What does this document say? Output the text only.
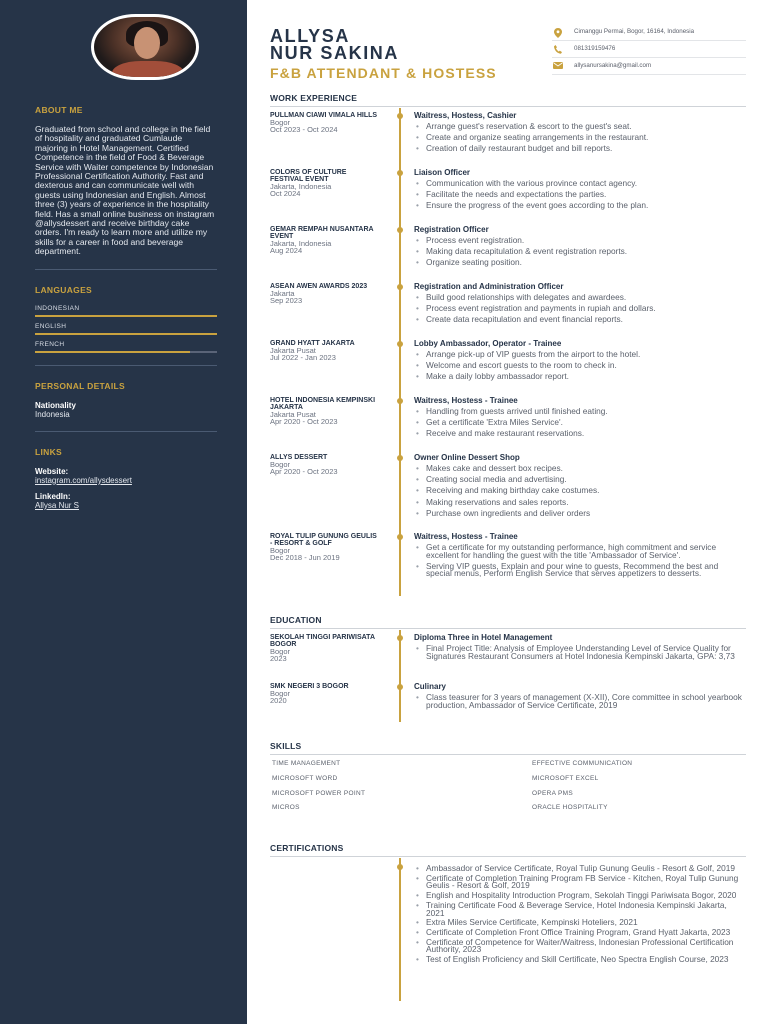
ABOUT ME
Graduated from school and college in the field of hospitality and graduated Cumlaude majoring in Hotel Management. Certified Competence in the field of Food & Beverage Service with Waiter competence by Indonesian Professional Certification Authority. Fast and dexterous and can communicate well with guests using Indonesian and English. Almost three (3) years of experience in the hospitality field. Has a small online business on instagram @allysdessert and receive birthday cake orders. I'm ready to learn more and utilize my skills for a career in food and beverage department.
LANGUAGES
INDONESIAN
ENGLISH
FRENCH
PERSONAL DETAILS
Nationality
Indonesia
LINKS
Website:
instagram.com/allysdessert
LinkedIn:
Allysa Nur S
ALLYSA
NUR SAKINA
F&B ATTENDANT & HOSTESS
Cimanggu Permai, Bogor, 16164, Indonesia
081319159476
allysanursakina@gmail.com
WORK EXPERIENCE
PULLMAN CIAWI VIMALA HILLS
Bogor
Oct 2023 - Oct 2024
Waitress, Hostess, Cashier
• Arrange guest's reservation & escort to the guest's seat.
• Create and organize seating arrangements in the restaurant.
• Creation of daily restaurant budget and bill reports.
COLORS OF CULTURE FESTIVAL EVENT
Jakarta, Indonesia
Oct 2024
Liaison Officer
• Communication with the various province contact agency.
• Facilitate the needs and expectations the parties.
• Ensure the progress of the event goes according to the plan.
GEMAR REMPAH NUSANTARA EVENT
Jakarta, Indonesia
Aug 2024
Registration Officer
• Process event registration.
• Making data recapitulation & event registration reports.
• Organize seating position.
ASEAN AWEN AWARDS 2023
Jakarta
Sep 2023
Registration and Administration Officer
• Build good relationships with delegates and awardees.
• Process event registration and payments in rupiah and dollars.
• Create data recapitulation and event financial reports.
GRAND HYATT JAKARTA
Jakarta Pusat
Jul 2022 - Jan 2023
Lobby Ambassador, Operator - Trainee
• Arrange pick-up of VIP guests from the airport to the hotel.
• Welcome and escort guests to the room to check in.
• Make a daily lobby ambassador report.
HOTEL INDONESIA KEMPINSKI JAKARTA
Jakarta Pusat
Apr 2020 - Oct 2023
Waitress, Hostess - Trainee
• Handling from guests arrived until finished eating.
• Get a certificate 'Extra Miles Service'.
• Receive and make restaurant reservations.
ALLYS DESSERT
Bogor
Apr 2020 - Oct 2023
Owner Online Dessert Shop
• Makes cake and dessert box recipes.
• Creating social media and advertising.
• Receiving and making birthday cake costumes.
• Making reservations and sales reports.
• Purchase own ingredients and deliver orders
ROYAL TULIP GUNUNG GEULIS - RESORT & GOLF
Bogor
Dec 2018 - Jun 2019
Waitress, Hostess - Trainee
• Get a certificate for my outstanding performance, high commitment and service excellent for handling the guest with the title 'Ambassador of Service'.
• Serving VIP guests, Explain and pour wine to guests, Recommend the best and special menus, Perform English Service that serves appetizers to desserts.
EDUCATION
SEKOLAH TINGGI PARIWISATA BOGOR
Bogor
2023
Diploma Three in Hotel Management
• Final Project Title: Analysis of Employee Understanding Level of Service Quality for Signatures Restaurant Consumers at Hotel Indonesia Kempinski Jakarta, GPA: 3,73
SMK NEGERI 3 BOGOR
Bogor
2020
Culinary
• Class teasurer for 3 years of management (X-XII), Core committee in school yearbook production, Ambassador of Service Certificate, 2019
SKILLS
TIME MANAGEMENT	EFFECTIVE COMMUNICATION
MICROSOFT WORD	MICROSOFT EXCEL
MICROSOFT POWER POINT	OPERA PMS
MICROS	ORACLE HOSPITALITY
CERTIFICATIONS
• Ambassador of Service Certificate, Royal Tulip Gunung Geulis - Resort & Golf, 2019
• Certificate of Completion Training Program FB Service - Kitchen, Royal Tulip Gunung Geulis - Resort & Golf, 2019
• English and Hospitality Introduction Program, Sekolah Tinggi Pariwisata Bogor, 2020
• Training Certificate Food & Beverage Service, Hotel Indonesia Kempinski Jakarta, 2021
• Extra Miles Service Certificate, Kempinski Hoteliers, 2021
• Certificate of Completion Front Office Training Program, Grand Hyatt Jakarta, 2023
• Certificate of Competence for Waiter/Waitress, Indonesian Professional Certification Authority, 2023
• Test of English Proficiency and Skill Certificate, Neo Spectra English Course, 2023
